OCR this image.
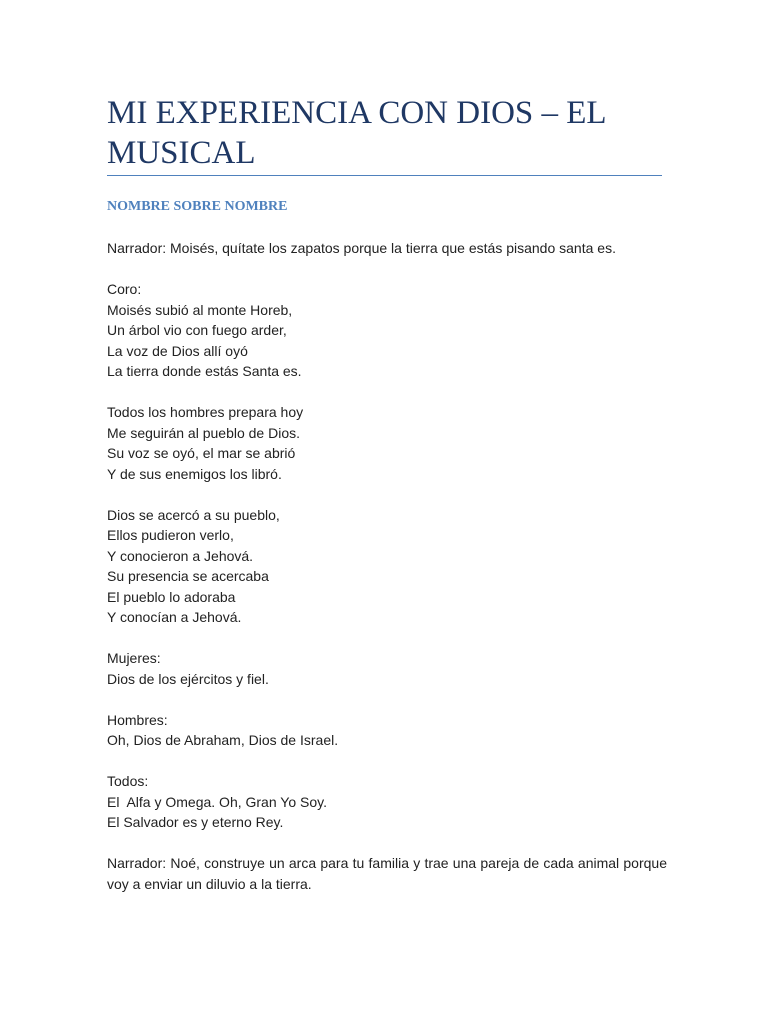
MI EXPERIENCIA CON DIOS – EL MUSICAL
NOMBRE SOBRE NOMBRE

Narrador: Moisés, quítate los zapatos porque la tierra que estás pisando santa es.

Coro:
Moisés subió al monte Horeb,
Un árbol vio con fuego arder,
La voz de Dios allí oyó
La tierra donde estás Santa es.

Todos los hombres prepara hoy
Me seguirán al pueblo de Dios.
Su voz se oyó, el mar se abrió
Y de sus enemigos los libró.

Dios se acercó a su pueblo,
Ellos pudieron verlo,
Y conocieron a Jehová.
Su presencia se acercaba
El pueblo lo adoraba
Y conocían a Jehová.

Mujeres:
Dios de los ejércitos y fiel.

Hombres:
Oh, Dios de Abraham, Dios de Israel.

Todos:
El  Alfa y Omega. Oh, Gran Yo Soy.
El Salvador es y eterno Rey.

Narrador: Noé, construye un arca para tu familia y trae una pareja de cada animal porque voy a enviar un diluvio a la tierra.
